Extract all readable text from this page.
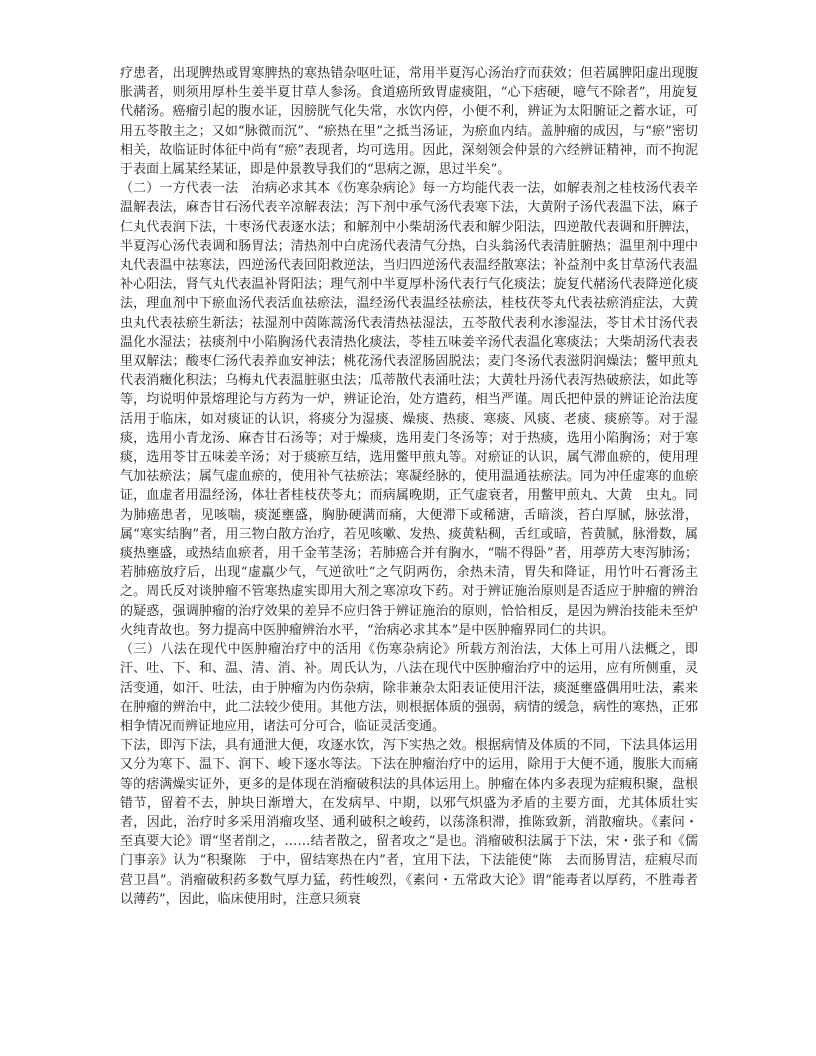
疗患者，出现脾热或胃寒脾热的寒热错杂呕吐证，常用半夏泻心汤治疗而获效；但若属脾阳虚出现腹胀满者，则须用厚朴生姜半夏甘草人参汤。食道癌所致胃虚痰阻，“心下痞硬，噫气不除者”，用旋复代赭汤。癌瘤引起的腹水证，因膀胱气化失常，水饮内停，小便不利，辨证为太阳腑证之蓄水证，可用五苓散主之；又如“脉微而沉”、“瘀热在里”之抵当汤证，为瘀血内结。盖肿瘤的成因，与“瘀”密切相关，故临证时体征中尚有“瘀”表现者，均可选用。因此，深刻领会仲景的六经辨证精神，而不拘泥于表面上属某经某证，即是仲景教导我们的“思病之源，思过半矣”。

（二）一方代表一法　治病必求其本《伤寒杂病论》每一方均能代表一法，如解表剂之桂枝汤代表辛温解表法，麻杏甘石汤代表辛凉解表法；泻下剂中承气汤代表寒下法，大黄附子汤代表温下法，麻子仁丸代表润下法，十枣汤代表逐水法；和解剂中小柴胡汤代表和解少阳法，四逆散代表调和肝脾法，半夏泻心汤代表调和肠胃法；清热剂中白虎汤代表清气分热，白头翁汤代表清脏腑热；温里剂中理中丸代表温中祛寒法，四逆汤代表回阳救逆法，当归四逆汤代表温经散寒法；补益剂中炙甘草汤代表温补心阳法，肾气丸代表温补肾阳法；理气剂中半夏厚朴汤代表行气化痰法；旋复代赭汤代表降逆化痰法，理血剂中下瘀血汤代表活血祛瘀法，温经汤代表温经祛瘀法，桂枝茯苓丸代表祛瘀消症法，大黄　虫丸代表祛瘀生新法；祛湿剂中茵陈蒿汤代表清热祛湿法，五苓散代表利水渗湿法，苓甘术甘汤代表温化水湿法；祛痰剂中小陷胸汤代表清热化痰法，苓桂五味姜辛汤代表温化寒痰法；大柴胡汤代表表里双解法；酸枣仁汤代表养血安神法；桃花汤代表涩肠固脱法；麦门冬汤代表滋阴润燥法；鳖甲煎丸代表消癥化积法；乌梅丸代表温脏驱虫法；瓜蒂散代表涌吐法；大黄牡丹汤代表泻热破瘀法，如此等等，均说明仲景熔理论与方药为一炉，辨证论治，处方遣药，相当严谨。周氏把仲景的辨证论治法度活用于临床，如对痰证的认识，将痰分为湿痰、燥痰、热痰、寒痰、风痰、老痰、痰瘀等。对于湿痰，选用小青龙汤、麻杏甘石汤等；对于燥痰，选用麦门冬汤等；对于热痰，选用小陷胸汤；对于寒痰，选用苓甘五味姜辛汤；对于痰瘀互结，选用鳖甲煎丸等。对瘀证的认识，属气滞血瘀的，使用理气加祛瘀法；属气虚血瘀的，使用补气祛瘀法；寒凝经脉的，使用温通祛瘀法。同为冲任虚寒的血瘀证，血虚者用温经汤，体壮者桂枝茯苓丸；而病属晚期，正气虚衰者，用鳖甲煎丸、大黄　虫丸。同为肺癌患者，见咳喘，痰涎壅盛，胸胁硬满而痛，大便滞下或稀溏，舌暗淡，苔白厚腻，脉弦滑，属“寒实结胸”者，用三物白散方治疗，若见咳嗽、发热、痰黄粘稠，舌红或暗，苔黄腻，脉滑数，属痰热壅盛，或热结血瘀者，用千金苇茎汤；若肺癌合并有胸水，“喘不得卧”者，用葶苈大枣泻肺汤；若肺癌放疗后，出现“虚羸少气，气逆欲吐”之气阴两伤，余热未清，胃失和降证，用竹叶石膏汤主之。周氏反对谈肿瘤不管寒热虚实即用大剂之寒凉攻下药。对于辨证施治原则是否适应于肿瘤的辨治的疑惑，强调肿瘤的治疗效果的差异不应归咎于辨证施治的原则，恰恰相反，是因为辨治技能未至炉火纯青故也。努力提高中医肿瘤辨治水平，“治病必求其本”是中医肿瘤界同仁的共识。

（三）八法在现代中医肿瘤治疗中的活用《伤寒杂病论》所载方剂治法，大体上可用八法概之，即汗、吐、下、和、温、清、消、补。周氏认为，八法在现代中医肿瘤治疗中的运用，应有所侧重，灵活变通，如汗、吐法，由于肿瘤为内伤杂病，除非兼杂太阳表证使用汗法，痰涎壅盛偶用吐法，素来在肿瘤的辨治中，此二法较少使用。其他方法，则根据体质的强弱，病情的缓急，病性的寒热，正邪相争情况而辨证地应用，诸法可分可合，临证灵活变通。

下法，即泻下法，具有通泄大便，攻逐水饮，泻下实热之效。根据病情及体质的不同，下法具体运用又分为寒下、温下、润下、峻下逐水等法。下法在肿瘤治疗中的运用，除用于大便不通，腹胀大而痛等的痞满燥实证外，更多的是体现在消瘤破积法的具体运用上。肿瘤在体内多表现为症瘕积聚，盘根错节，留着不去，肿块日渐增大，在发病早、中期，以邪气炽盛为矛盾的主要方面，尤其体质壮实者，因此，治疗时多采用消瘤攻坚、通利破积之峻药，以荡涤积滞，推陈致新，消散瘤块。《素问・至真要大论》谓“坚者削之，……结者散之，留者攻之”是也。消瘤破积法属于下法，宋・张子和《儒门事亲》认为“积聚陈　于中，留结寒热在内”者，宜用下法，下法能使“陈　去而肠胃洁，症瘕尽而营卫昌”。消瘤破积药多数气厚力猛，药性峻烈，《素问・五常政大论》谓“能毒者以厚药，不胜毒者以薄药”，因此，临床使用时，注意只须衰
